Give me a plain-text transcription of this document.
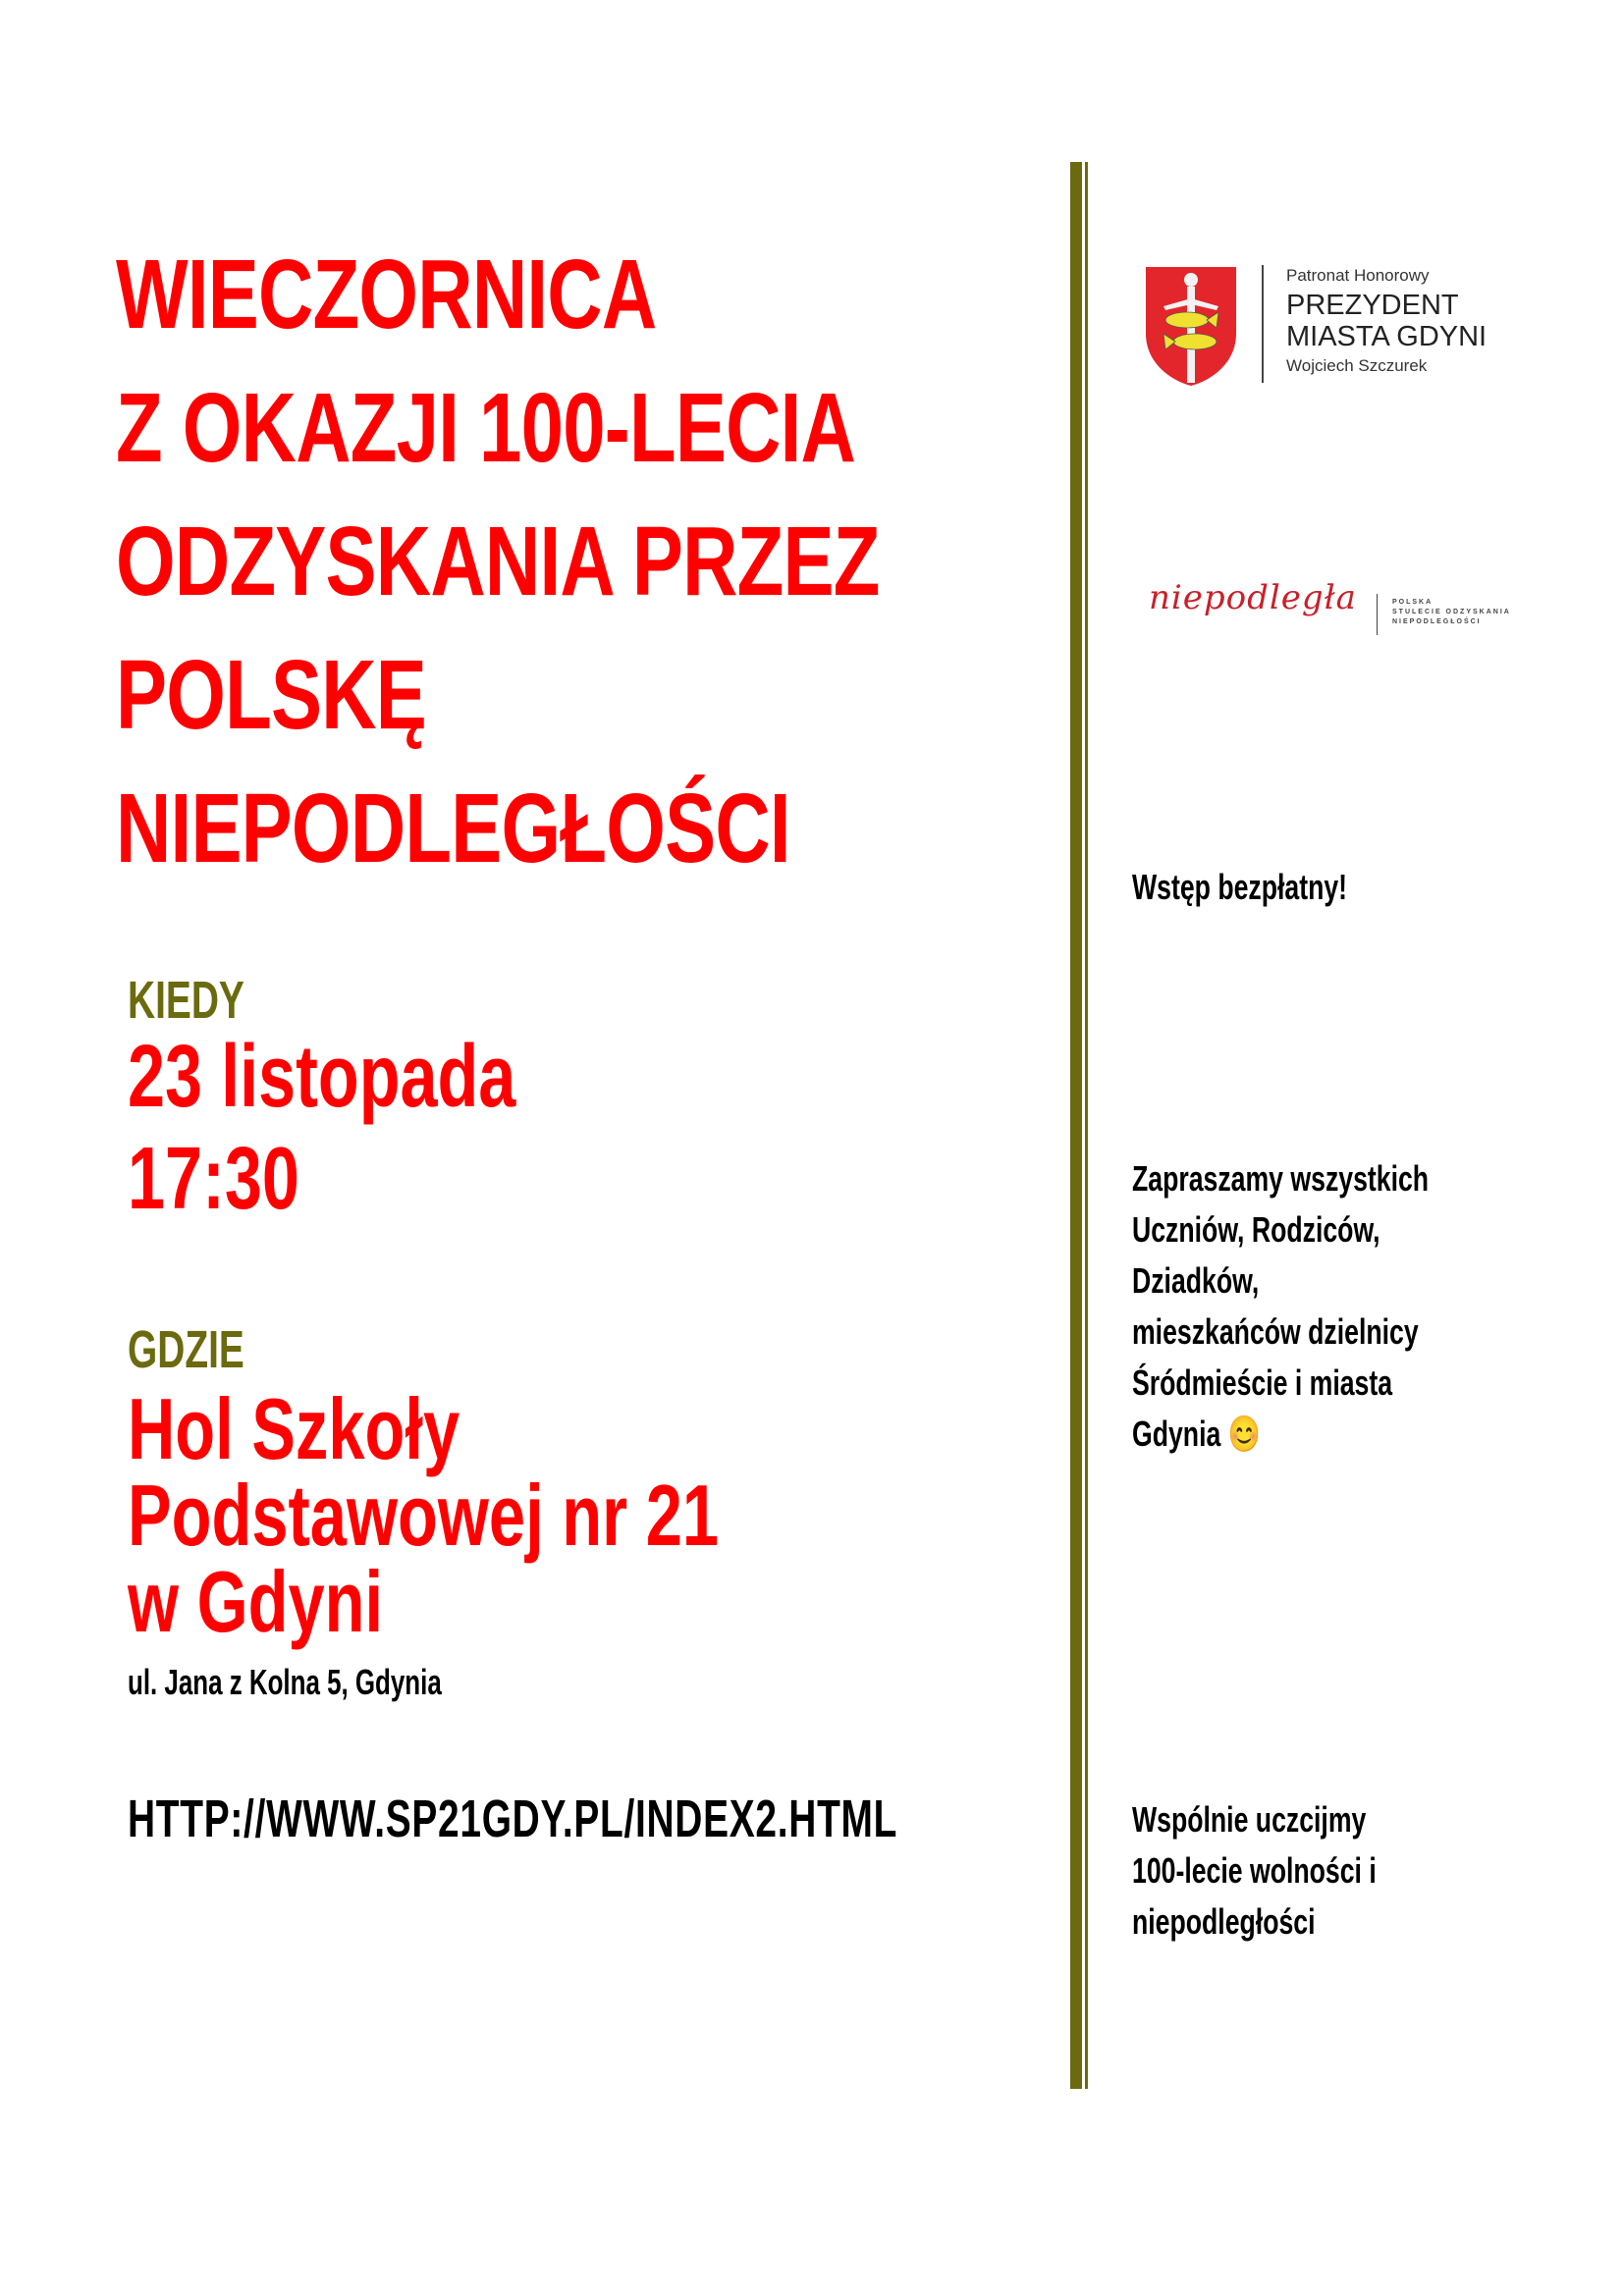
WIECZORNICA
Z OKAZJI 100-LECIA
ODZYSKANIA PRZEZ
POLSKĘ
NIEPODLEGŁOŚCI

KIEDY

23 listopada
17:30

GDZIE

Hol Szkoły
Podstawowej nr 21
w Gdyni

ul. Jana z Kolna 5, Gdynia

HTTP://WWW.SP21GDY.PL/INDEX2.HTML

Patronat Honorowy
PREZYDENT
MIASTA GDYNI
Wojciech Szczurek
niepodległa	POLSKA
STULECIE ODZYSKANIA
NIEPODLEGŁOŚCI

Wstęp bezpłatny!

Zapraszamy wszystkich
Uczniów, Rodziców,
Dziadków,
mieszkańców dzielnicy
Śródmieście i miasta
Gdynia 😊

Wspólnie uczcijmy
100-lecie wolności i
niepodległości
